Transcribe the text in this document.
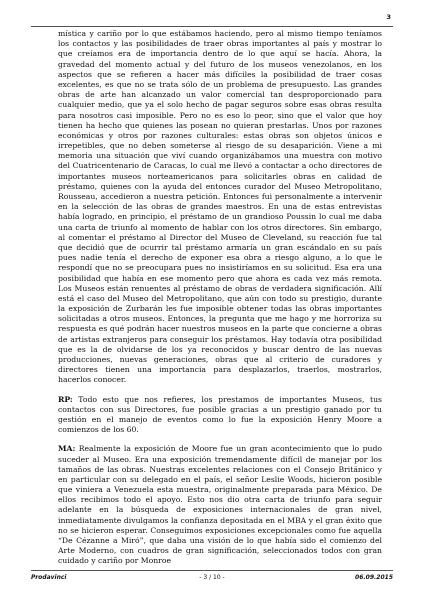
3

mística y cariño por lo que estábamos haciendo, pero al mismo tiempo teníamos los contactos y las posibilidades de traer obras importantes al país y mostrar lo que creíamos era de importancia dentro de lo que aquí se hacía. Ahora, la gravedad del momento actual y del futuro de los museos venezolanos, en los aspectos que se refieren a hacer más difíciles la posibilidad de traer cosas excelentes, es que no se trata sólo de un problema de presupuesto. Las grandes obras de arte han alcanzado un valor comercial tan desproporcionado para cualquier medio, que ya el solo hecho de pagar seguros sobre esas obras resulta para nosotros casi imposible. Pero no es eso lo peor, sino que el valor que hoy tienen ha hecho que quienes las posean no quieran prestarlas. Unos por razones económicas y otros por razones culturales: estas obras son objetos únicos e irrepetibles, que no deben someterse al riesgo de su desaparición. Viene a mi memoria una situación que viví cuando organizábamos una muestra con motivo del Cuatricentenario de Caracas, lo cual me llevó a contactar a ocho directores de importantes museos norteamericanos para solicitarles obras en calidad de préstamo, quienes con la ayuda del entonces curador del Museo Metropolitano, Rousseau, accedieron a nuestra petición. Entonces fui personalmente a intervenir en la selección de las obras de grandes maestros. En una de estas entrevistas había logrado, en principio, el préstamo de un grandioso Poussin lo cual me daba una carta de triunfo al momento de hablar con los otros directores. Sin embargo, al comentar el préstamo al Director del Museo de Cleveland, su reacción fue tal que decidió que de ocurrir tal préstamo armaría un gran escándalo en su país pues nadie tenía el derecho de exponer esa obra a riesgo alguno, a lo que le respondí que no se preocupara pues no insistiríamos en su solicitud. Esa era una posibilidad que había en ese momento pero que ahora es cada vez más remota. Los Museos están renuentes al préstamo de obras de verdadera significación. Allí está el caso del Museo del Metropolitano, que aún con todo su prestigio, durante la exposición de Zurbarán les fue imposible obtener todas las obras importantes solicitadas a otros museos. Entonces, la pregunta que me hago y me horroriza su respuesta es qué podrán hacer nuestros museos en la parte que concierne a obras de artistas extranjeros para conseguir los préstamos. Hay todavía otra posibilidad que es la de olvidarse de los ya reconocidos y buscar dentro de las nuevas producciones, nuevas generaciones, obras que al criterio de curadores y directores tienen una importancia para desplazarlos, traerlos, mostrarlos, hacerlos conocer.

RP: Todo esto que nos refieres, los prestamos de importantes Museos, tus contactos con sus Directores, fue posible gracias a un prestigio ganado por tu gestión en el manejo de eventos como lo fue la exposición Henry Moore a comienzos de los 60.

MA: Realmente la exposición de Moore fue un gran acontecimiento que lo pudo suceder al Museo. Era una exposición tremendamente difícil de manejar por los tamaños de las obras. Nuestras excelentes relaciones con el Consejo Británico y en particular con su delegado en el país, el señor Leslie Woods, hicieron posible que viniera a Venezuela esta muestra, originalmente preparada para México. De ellos recibimos todo el apoyo. Esto nos dio otra carta de triunfo para seguir adelante en la búsqueda de exposiciones internacionales de gran nivel, inmediatamente divulgamos la confianza depositada en el MBA y el gran éxito que no se hicieron esperar. Conseguimos exposiciones excepcionales como fue aquella “De Cézanne a Miró”, que daba una visión de lo que había sido el comienzo del Arte Moderno, con cuadros de gran significación, seleccionados todos con gran cuidado y cariño por Monroe

Prodavinci	- 3 / 10 -	06.09.2015
